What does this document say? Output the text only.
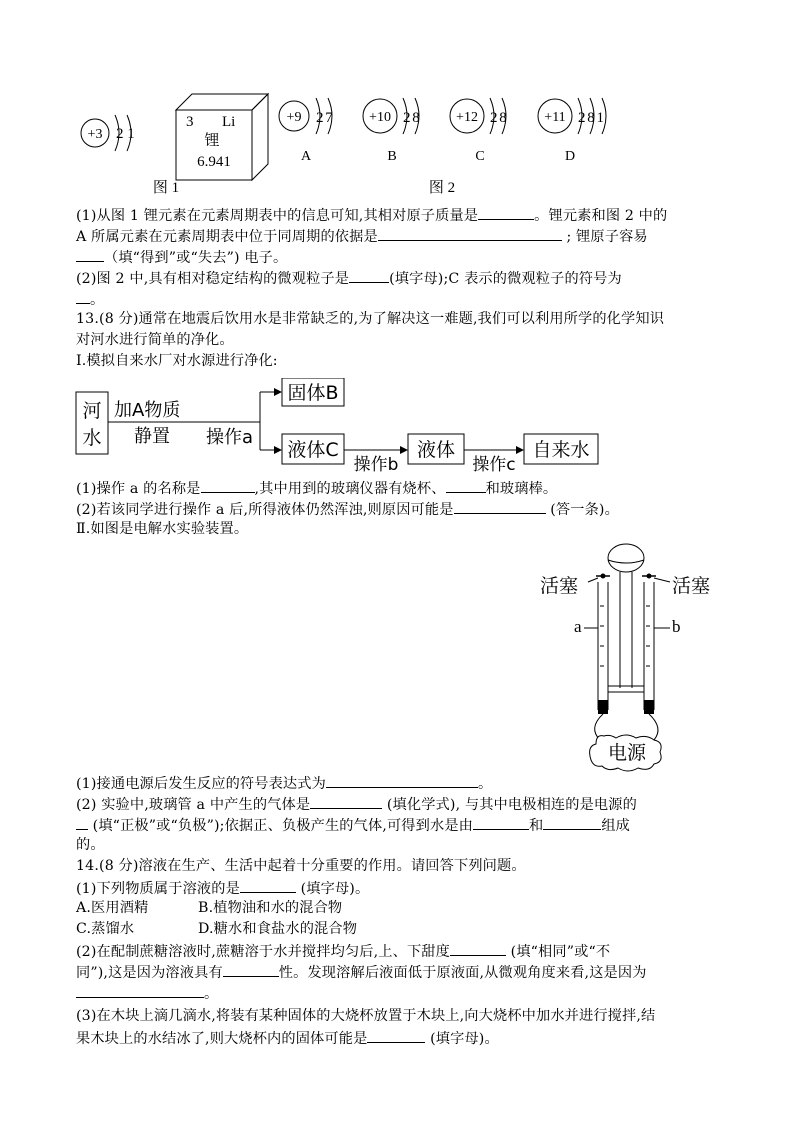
+3 2 1
3 Li
锂
6.941
图 1
+9 2 7
A
+10 2 8
B
+12 2 8
C
+11 2 8 1
D
图 2
(1)从图 1 锂元素在元素周期表中的信息可知,其相对原子质量是	。锂元素和图 2 中的
A 所属元素在元素周期表中位于同周期的依据是	; 锂原子容易
（填“得到”或“失去”) 电子。
(2)图 2 中,具有相对稳定结构的微观粒子是	(填字母);C 表示的微观粒子的符号为
。
13.(8 分)通常在地震后饮用水是非常缺乏的,为了解决这一难题,我们可以利用所学的化学知识
对河水进行简单的净化。
Ⅰ.模拟自来水厂对水源进行净化:
河
水
加A物质
静置 操作a
固体B
液体C
操作b
液体
操作c
自来水
(1)操作 a 的名称是	,其中用到的玻璃仪器有烧杯、	和玻璃棒。
(2)若该同学进行操作 a 后,所得液体仍然浑浊,则原因可能是	(答一条)。
Ⅱ.如图是电解水实验装置。
活塞	活塞
a	b
电源
(1)接通电源后发生反应的符号表达式为	。
(2) 实验中,玻璃管 a 中产生的气体是	(填化学式), 与其中电极相连的是电源的
(填“正极”或“负极”);依据正、负极产生的气体,可得到水是由	和	组成
的。
14.(8 分)溶液在生产、生活中起着十分重要的作用。请回答下列问题。
(1)下列物质属于溶液的是	(填字母)。
A.医用酒精	B.植物油和水的混合物
C.蒸馏水	D.糖水和食盐水的混合物
(2)在配制蔗糖溶液时,蔗糖溶于水并搅拌均匀后,上、下甜度	(填“相同”或“不
同”),这是因为溶液具有	性。发现溶解后液面低于原液面,从微观角度来看,这是因为
。
(3)在木块上滴几滴水,将装有某种固体的大烧杯放置于木块上,向大烧杯中加水并进行搅拌,结
果木块上的水结冰了,则大烧杯内的固体可能是	(填字母)。
